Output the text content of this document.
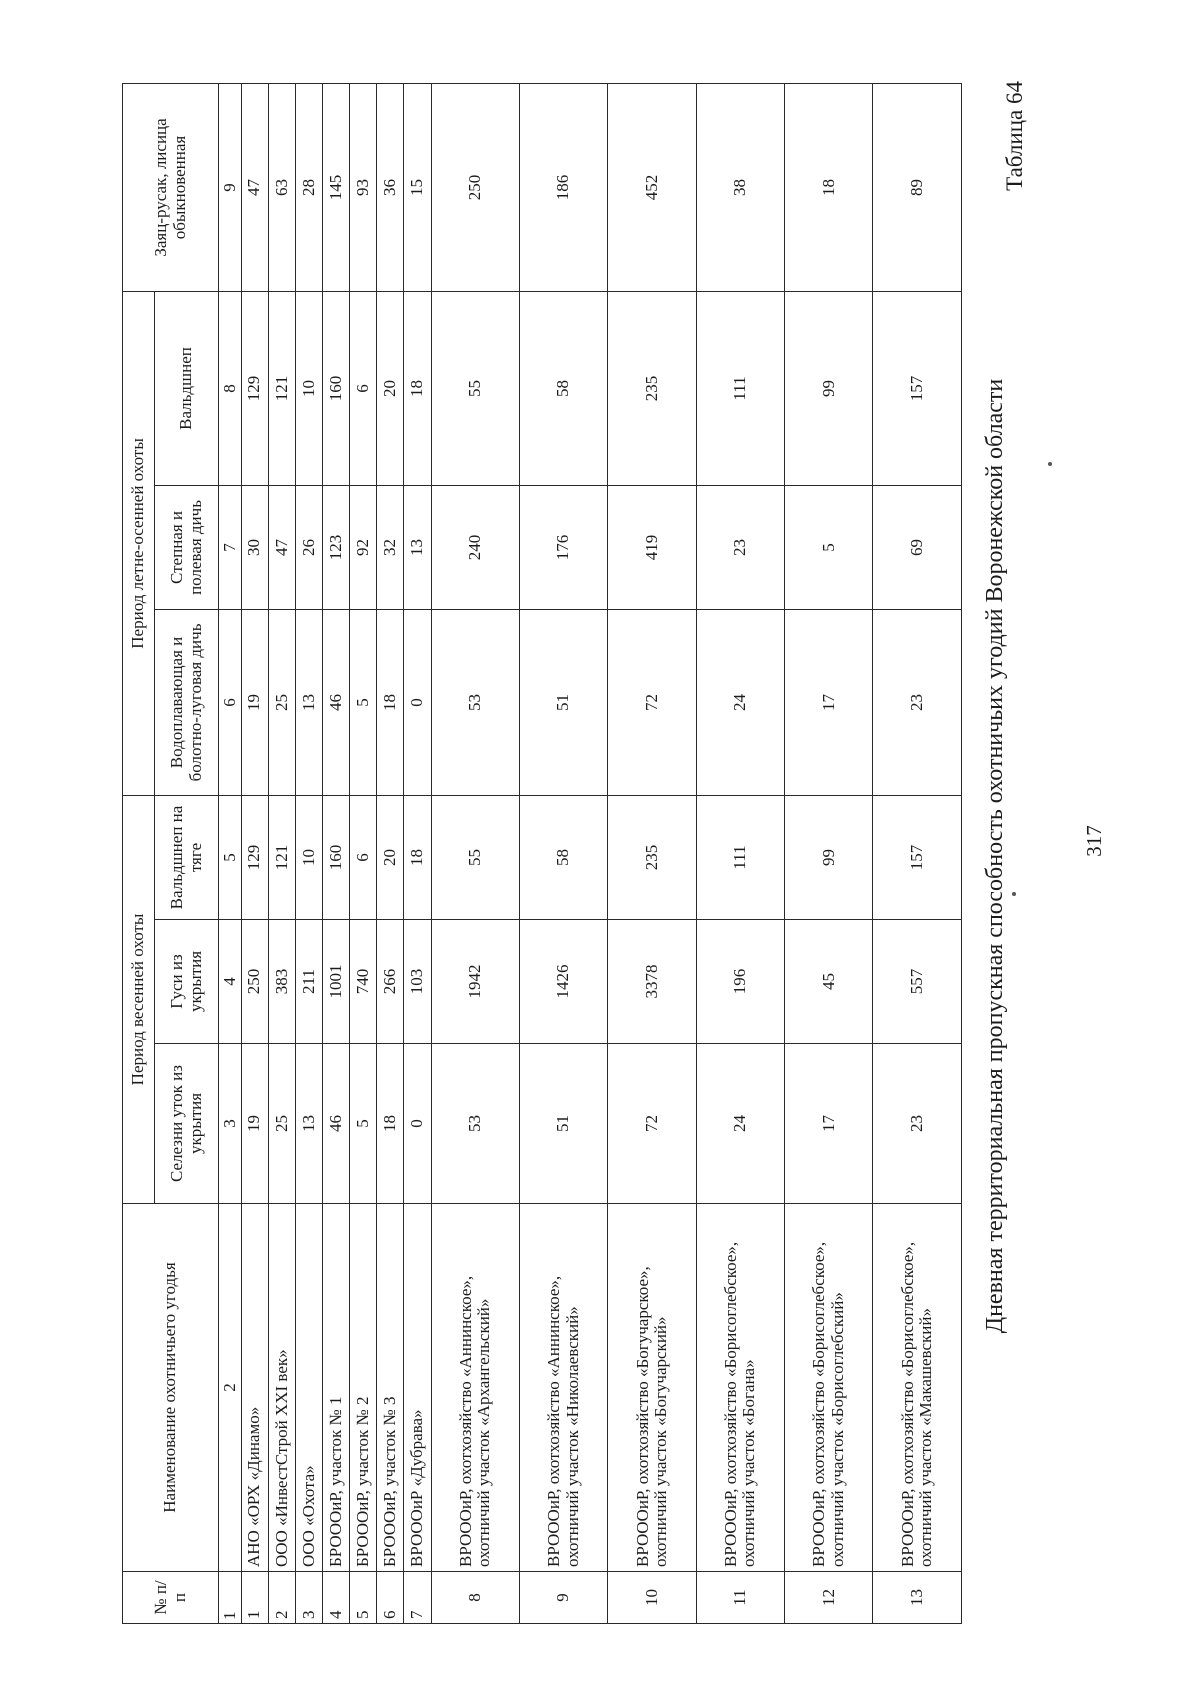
317
Таблица 64
Дневная территориальная пропускная способность охотничьих угодий Воронежской области
№ п/п	Наименование охотничьего угодья	Период весенней охоты			Период летне-осенней охоты			Заяц-русак, лисица обыкновенная
		Селезни уток из укрытия	Гуси из укрытия	Вальдшнеп на тяге	Водоплавающая и болотно-луговая дичь	Степная и полевая дичь	Вальдшнеп	
1	2	3	4	5	6	7	8	9
1	АНО «ОРХ «Динамо»	19	250	129	19	30	129	47
2	ООО «ИнвестСтрой XXI век»	25	383	121	25	47	121	63
3	ООО «Охота»	13	211	10	13	26	10	28
4	БРОООиР, участок № 1	46	1001	160	46	123	160	145
5	БРОООиР, участок № 2	5	740	6	5	92	6	93
6	БРОООиР, участок № 3	18	266	20	18	32	20	36
7	ВРОООиР «Дубрава»	0	103	18	0	13	18	15
8	ВРОООиР, охотхозяйство «Аннинское», охотничий участок «Архангельский»	53	1942	55	53	240	55	250
9	ВРОООиР, охотхозяйство «Аннинское», охотничий участок «Николаевский»	51	1426	58	51	176	58	186
10	ВРОООиР, охотхозяйство «Богучарское», охотничий участок «Богучарский»	72	3378	235	72	419	235	452
11	ВРОООиР, охотхозяйство «Борисоглебское», охотничий участок «Богана»	24	196	111	24	23	111	38
12	ВРОООиР, охотхозяйство «Борисоглебское», охотничий участок «Борисоглебский»	17	45	99	17	5	99	18
13	ВРОООиР, охотхозяйство «Борисоглебское», охотничий участок «Макашевский»	23	557	157	23	69	157	89
